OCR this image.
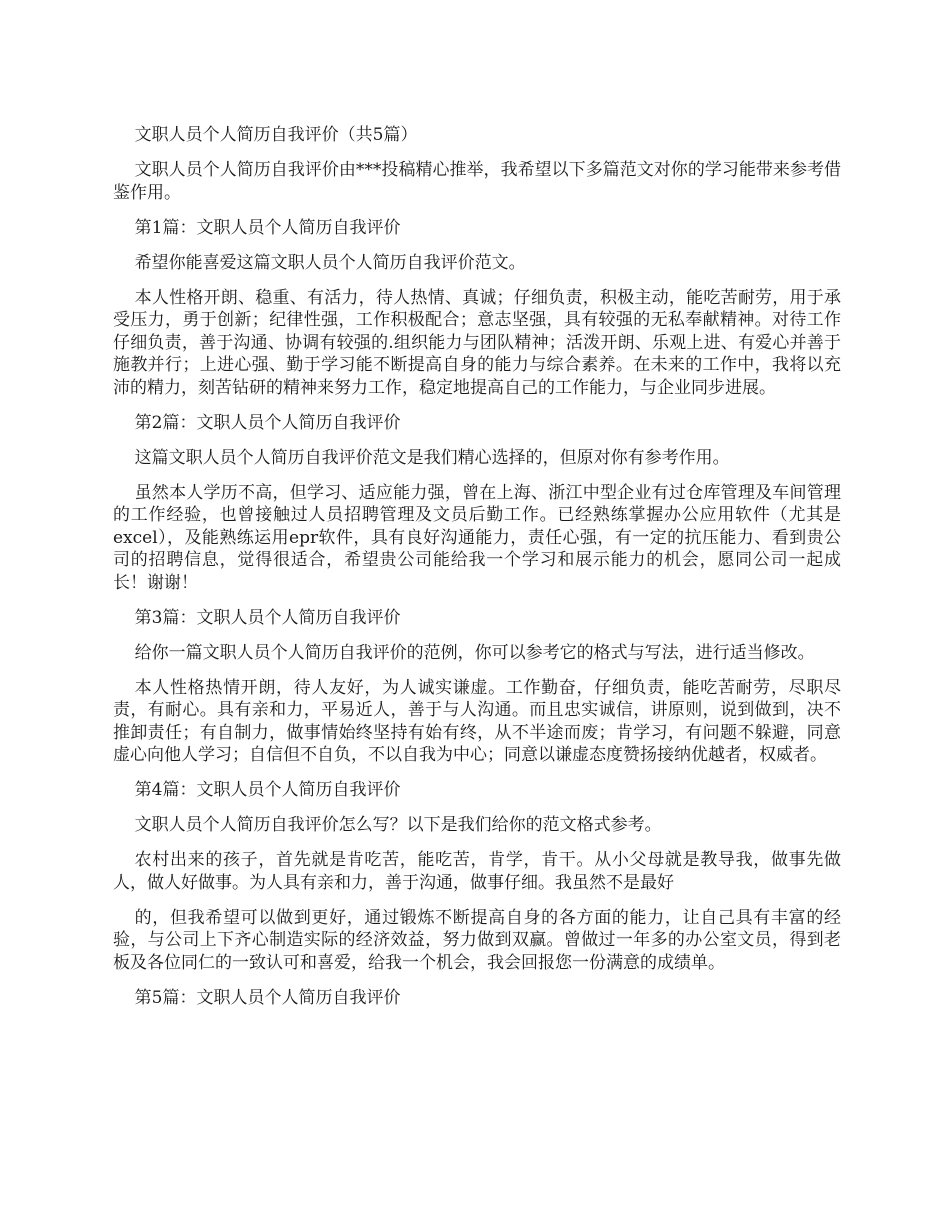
文职人员个人简历自我评价（共5篇）

文职人员个人简历自我评价由***投稿精心推举，我希望以下多篇范文对你的学习能带来参考借鉴作用。

第1篇：文职人员个人简历自我评价

希望你能喜爱这篇文职人员个人简历自我评价范文。

本人性格开朗、稳重、有活力，待人热情、真诚；仔细负责，积极主动，能吃苦耐劳，用于承受压力，勇于创新；纪律性强，工作积极配合；意志坚强，具有较强的无私奉献精神。对待工作仔细负责，善于沟通、协调有较强的.组织能力与团队精神；活泼开朗、乐观上进、有爱心并善于施教并行；上进心强、勤于学习能不断提高自身的能力与综合素养。在未来的工作中，我将以充沛的精力，刻苦钻研的精神来努力工作，稳定地提高自己的工作能力，与企业同步进展。

第2篇：文职人员个人简历自我评价

这篇文职人员个人简历自我评价范文是我们精心选择的，但原对你有参考作用。

虽然本人学历不高，但学习、适应能力强，曾在上海、浙江中型企业有过仓库管理及车间管理的工作经验，也曾接触过人员招聘管理及文员后勤工作。已经熟练掌握办公应用软件（尤其是excel），及能熟练运用epr软件，具有良好沟通能力，责任心强，有一定的抗压能力、看到贵公司的招聘信息，觉得很适合，希望贵公司能给我一个学习和展示能力的机会，愿同公司一起成长！谢谢！

第3篇：文职人员个人简历自我评价

给你一篇文职人员个人简历自我评价的范例，你可以参考它的格式与写法，进行适当修改。

本人性格热情开朗，待人友好，为人诚实谦虚。工作勤奋，仔细负责，能吃苦耐劳，尽职尽责，有耐心。具有亲和力，平易近人，善于与人沟通。而且忠实诚信，讲原则，说到做到，决不推卸责任；有自制力，做事情始终坚持有始有终，从不半途而废；肯学习，有问题不躲避，同意虚心向他人学习；自信但不自负，不以自我为中心；同意以谦虚态度赞扬接纳优越者，权威者。

第4篇：文职人员个人简历自我评价

文职人员个人简历自我评价怎么写？以下是我们给你的范文格式参考。

农村出来的孩子，首先就是肯吃苦，能吃苦，肯学，肯干。从小父母就是教导我，做事先做人，做人好做事。为人具有亲和力，善于沟通，做事仔细。我虽然不是最好

的，但我希望可以做到更好，通过锻炼不断提高自身的各方面的能力，让自己具有丰富的经验，与公司上下齐心制造实际的经济效益，努力做到双赢。曾做过一年多的办公室文员，得到老板及各位同仁的一致认可和喜爱，给我一个机会，我会回报您一份满意的成绩单。

第5篇：文职人员个人简历自我评价
